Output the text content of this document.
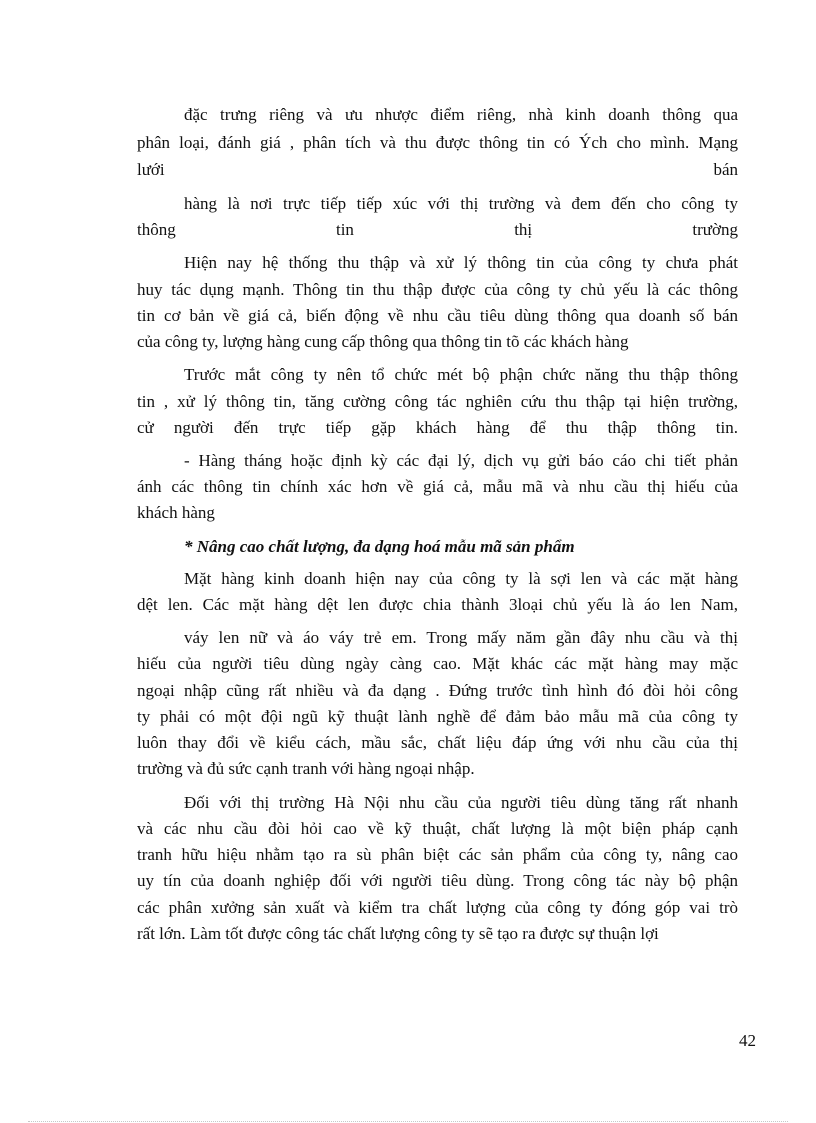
đặc trưng riêng và ưu nhược điểm riêng, nhà kinh doanh thông qua
phân loại, đánh giá , phân tích và thu được thông tin có Ých cho mình. Mạng
lưới bán
hàng là nơi trực tiếp tiếp xúc với thị trường và đem đến cho công ty
thông tin thị trường
Hiện nay hệ thống thu thập và xử lý thông tin của công ty chưa phát
huy tác dụng mạnh. Thông tin thu thập được của công ty chủ yếu là các thông
tin cơ bản về giá cả, biến động về nhu cầu tiêu dùng thông qua doanh số bán
của công ty, lượng hàng cung cấp thông qua thông tin tõ các khách hàng
Trước mắt công ty nên tổ chức mét bộ phận chức năng thu thập thông
tin , xử lý thông tin, tăng cường công tác nghiên cứu thu thập tại hiện trường,
cử người đến trực tiếp gặp khách hàng để thu thập thông tin.
- Hàng tháng hoặc định kỳ các đại lý, dịch vụ gửi báo cáo chi tiết phản
ánh các thông tin chính xác hơn về giá cả, mẫu mã và nhu cầu thị hiếu của
khách hàng
* Nâng cao chất lượng, đa dạng hoá mẫu mã sản phẩm
Mặt hàng kinh doanh hiện nay của công ty là sợi len và các mặt hàng
dệt len. Các mặt hàng dệt len được chia thành 3loại chủ yếu là áo len Nam,
váy len nữ và áo váy trẻ em. Trong mấy năm gần đây nhu cầu và thị
hiếu của người tiêu dùng ngày càng cao. Mặt khác các mặt hàng may mặc
ngoại nhập cũng rất nhiều và đa dạng . Đứng trước tình hình đó đòi hỏi công
ty phải có một đội ngũ kỹ thuật lành nghề để đảm bảo mẫu mã của công ty
luôn thay đổi về kiểu cách, mầu sắc, chất liệu đáp ứng với nhu cầu của thị
trường và đủ sức cạnh tranh với hàng ngoại nhập.
Đối với thị trường Hà Nội nhu cầu của người tiêu dùng tăng rất nhanh
và các nhu cầu đòi hỏi cao về kỹ thuật, chất lượng là một biện pháp cạnh
tranh hữu hiệu nhằm tạo ra sù phân biệt các sản phẩm của công ty, nâng cao
uy tín của doanh nghiệp đối với người tiêu dùng. Trong công tác này bộ phận
các phân xưởng sản xuất và kiểm tra chất lượng của công ty đóng góp vai trò
rất lớn. Làm tốt được công tác chất lượng công ty sẽ tạo ra được sự thuận lợi
42
